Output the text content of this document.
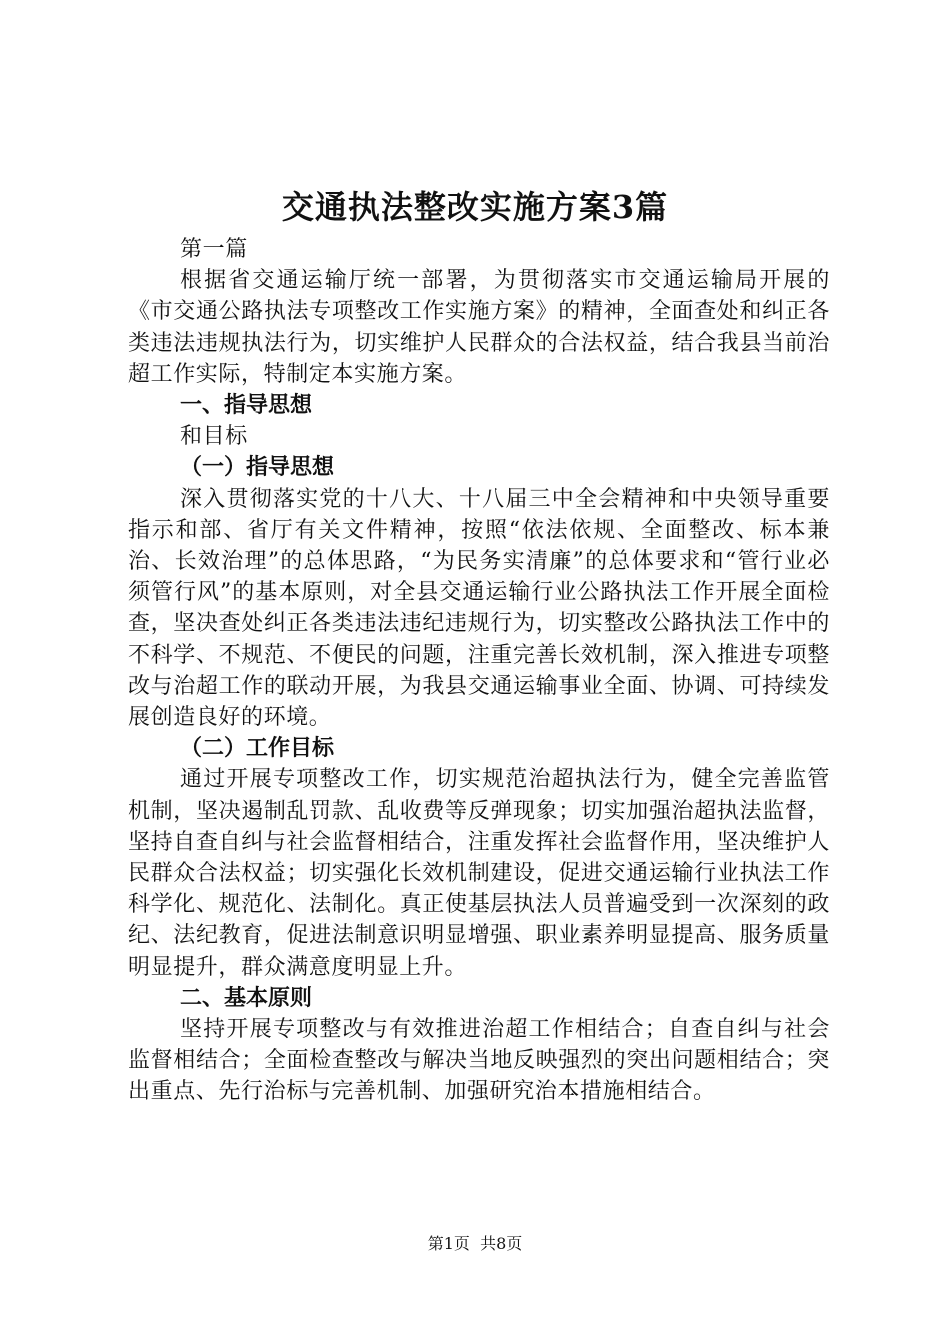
交通执法整改实施方案3篇

第一篇

根据省交通运输厅统一部署，为贯彻落实市交通运输局开展的《市交通公路执法专项整改工作实施方案》的精神，全面查处和纠正各类违法违规执法行为，切实维护人民群众的合法权益，结合我县当前治超工作实际，特制定本实施方案。

一、指导思想

和目标

（一）指导思想

深入贯彻落实党的十八大、十八届三中全会精神和中央领导重要指示和部、省厅有关文件精神，按照“依法依规、全面整改、标本兼治、长效治理”的总体思路，“为民务实清廉”的总体要求和“管行业必须管行风”的基本原则，对全县交通运输行业公路执法工作开展全面检查，坚决查处纠正各类违法违纪违规行为，切实整改公路执法工作中的不科学、不规范、不便民的问题，注重完善长效机制，深入推进专项整改与治超工作的联动开展，为我县交通运输事业全面、协调、可持续发展创造良好的环境。

（二）工作目标

通过开展专项整改工作，切实规范治超执法行为，健全完善监管机制，坚决遏制乱罚款、乱收费等反弹现象；切实加强治超执法监督，坚持自查自纠与社会监督相结合，注重发挥社会监督作用，坚决维护人民群众合法权益；切实强化长效机制建设，促进交通运输行业执法工作科学化、规范化、法制化。真正使基层执法人员普遍受到一次深刻的政纪、法纪教育，促进法制意识明显增强、职业素养明显提高、服务质量明显提升，群众满意度明显上升。

二、基本原则

坚持开展专项整改与有效推进治超工作相结合；自查自纠与社会监督相结合；全面检查整改与解决当地反映强烈的突出问题相结合；突出重点、先行治标与完善机制、加强研究治本措施相结合。

第1页  共8页
